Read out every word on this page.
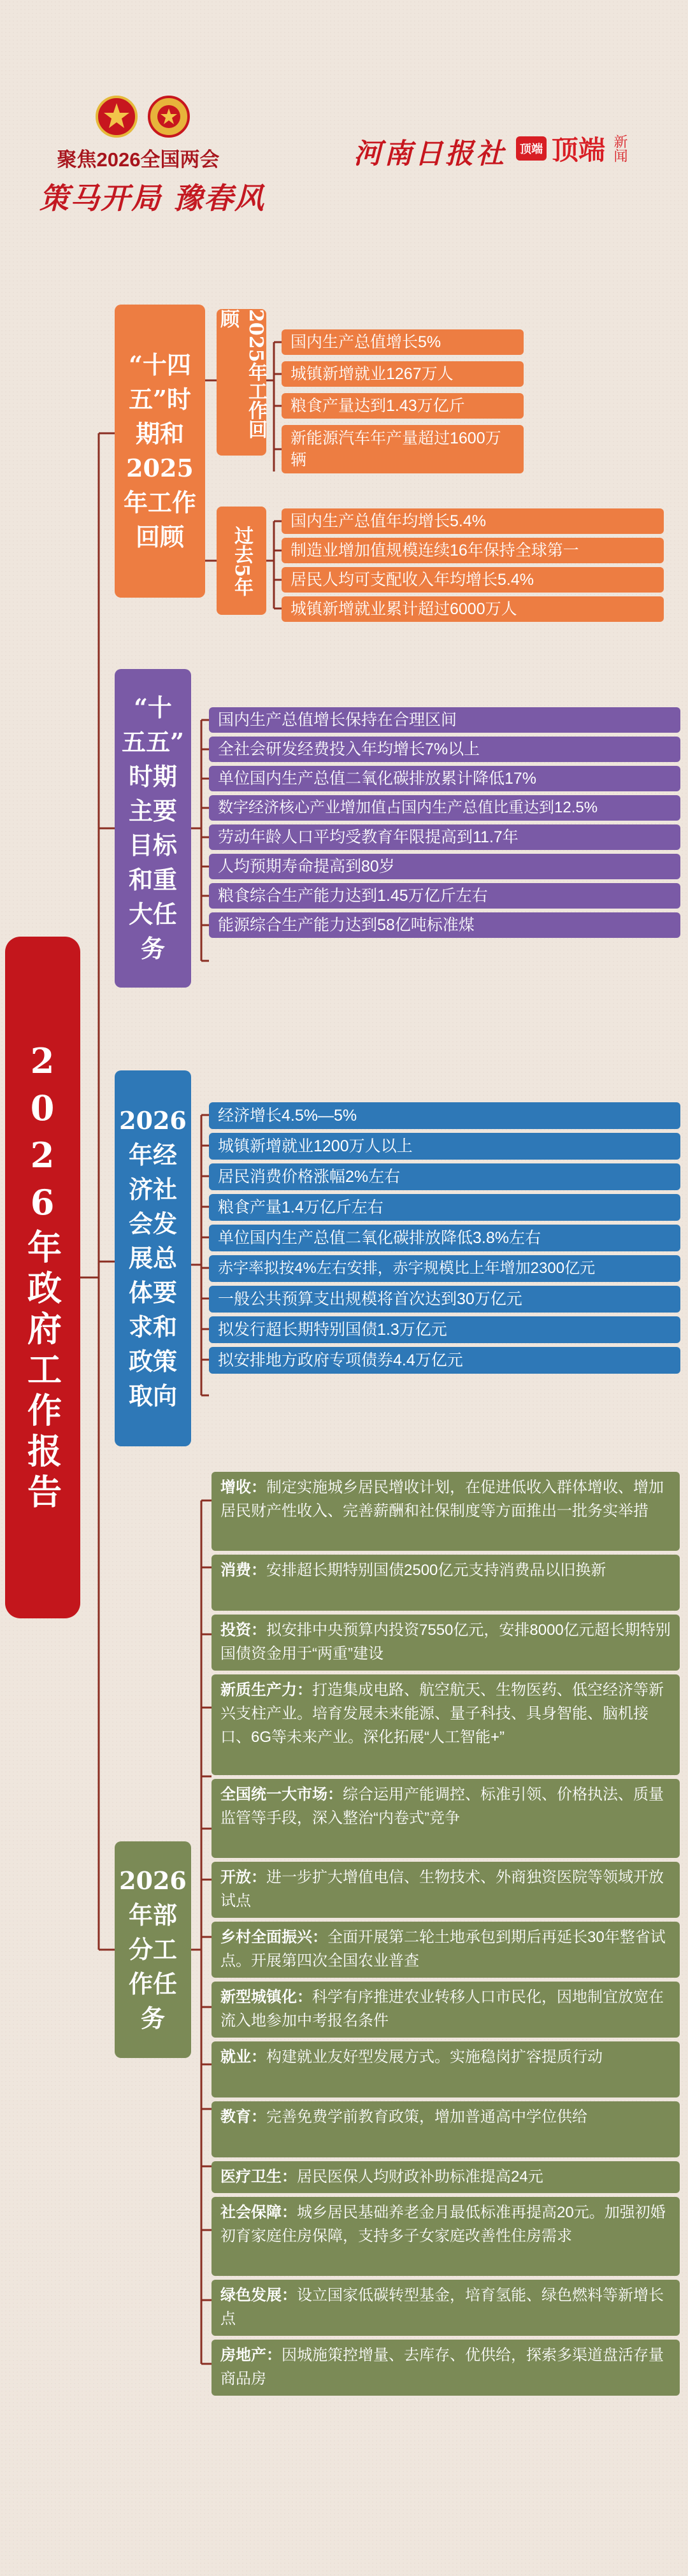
聚焦2026全国两会
策马开局 豫春风
河南日报社	顶端 顶端 新闻
2026年政府工作报告
“十四
五”时
期和
2025
年工作
回顾
2025年工作回顾
国内生产总值增长5%
城镇新增就业1267万人
粮食产量达到1.43万亿斤
新能源汽车年产量超过1600万辆
过去5年
国内生产总值年均增长5.4%
制造业增加值规模连续16年保持全球第一
居民人均可支配收入年均增长5.4%
城镇新增就业累计超过6000万人
“十
五五”
时期
主要
目标
和重
大任
务
国内生产总值增长保持在合理区间
全社会研发经费投入年均增长7%以上
单位国内生产总值二氧化碳排放累计降低17%
数字经济核心产业增加值占国内生产总值比重达到12.5%
劳动年龄人口平均受教育年限提高到11.7年
人均预期寿命提高到80岁
粮食综合生产能力达到1.45万亿斤左右
能源综合生产能力达到58亿吨标准煤
2026
年经
济社
会发
展总
体要
求和
政策
取向
经济增长4.5%—5%
城镇新增就业1200万人以上
居民消费价格涨幅2%左右
粮食产量1.4万亿斤左右
单位国内生产总值二氧化碳排放降低3.8%左右
赤字率拟按4%左右安排，赤字规模比上年增加2300亿元
一般公共预算支出规模将首次达到30万亿元
拟发行超长期特别国债1.3万亿元
拟安排地方政府专项债券4.4万亿元
2026
年部
分工
作任
务
增收：制定实施城乡居民增收计划，在促进低收入群体增收、增加居民财产性收入、完善薪酬和社保制度等方面推出一批务实举措
消费：安排超长期特别国债2500亿元支持消费品以旧换新
投资：拟安排中央预算内投资7550亿元，安排8000亿元超长期特别国债资金用于“两重”建设
新质生产力：打造集成电路、航空航天、生物医药、低空经济等新兴支柱产业。培育发展未来能源、量子科技、具身智能、脑机接口、6G等未来产业。深化拓展“人工智能+”
全国统一大市场：综合运用产能调控、标准引领、价格执法、质量监管等手段，深入整治“内卷式”竞争
开放：进一步扩大增值电信、生物技术、外商独资医院等领域开放试点
乡村全面振兴：全面开展第二轮土地承包到期后再延长30年整省试点。开展第四次全国农业普查
新型城镇化：科学有序推进农业转移人口市民化，因地制宜放宽在流入地参加中考报名条件
就业：构建就业友好型发展方式。实施稳岗扩容提质行动
教育：完善免费学前教育政策，增加普通高中学位供给
医疗卫生：居民医保人均财政补助标准提高24元
社会保障：城乡居民基础养老金月最低标准再提高20元。加强初婚初育家庭住房保障，支持多子女家庭改善性住房需求
绿色发展：设立国家低碳转型基金，培育氢能、绿色燃料等新增长点
房地产：因城施策控增量、去库存、优供给，探索多渠道盘活存量商品房
